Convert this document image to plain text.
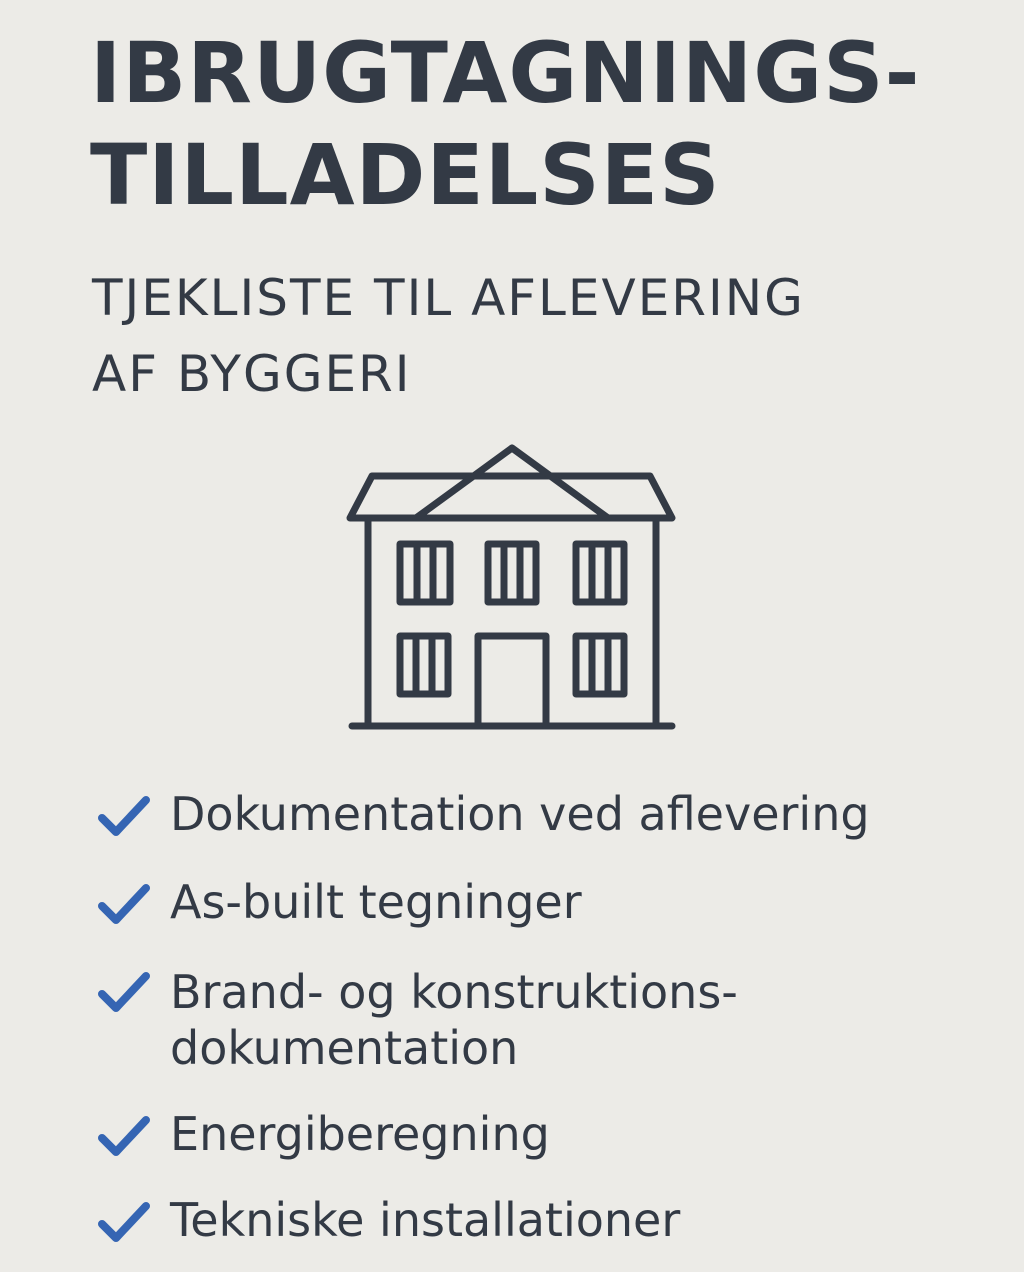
IBRUGTAGNINGS-
TILLADELSES
TJEKLISTE TIL AFLEVERING
AF BYGGERI
Dokumentation ved aflevering
As-built tegninger
Brand- og konstruktions-
dokumentation
Energiberegning
Tekniske installationer
